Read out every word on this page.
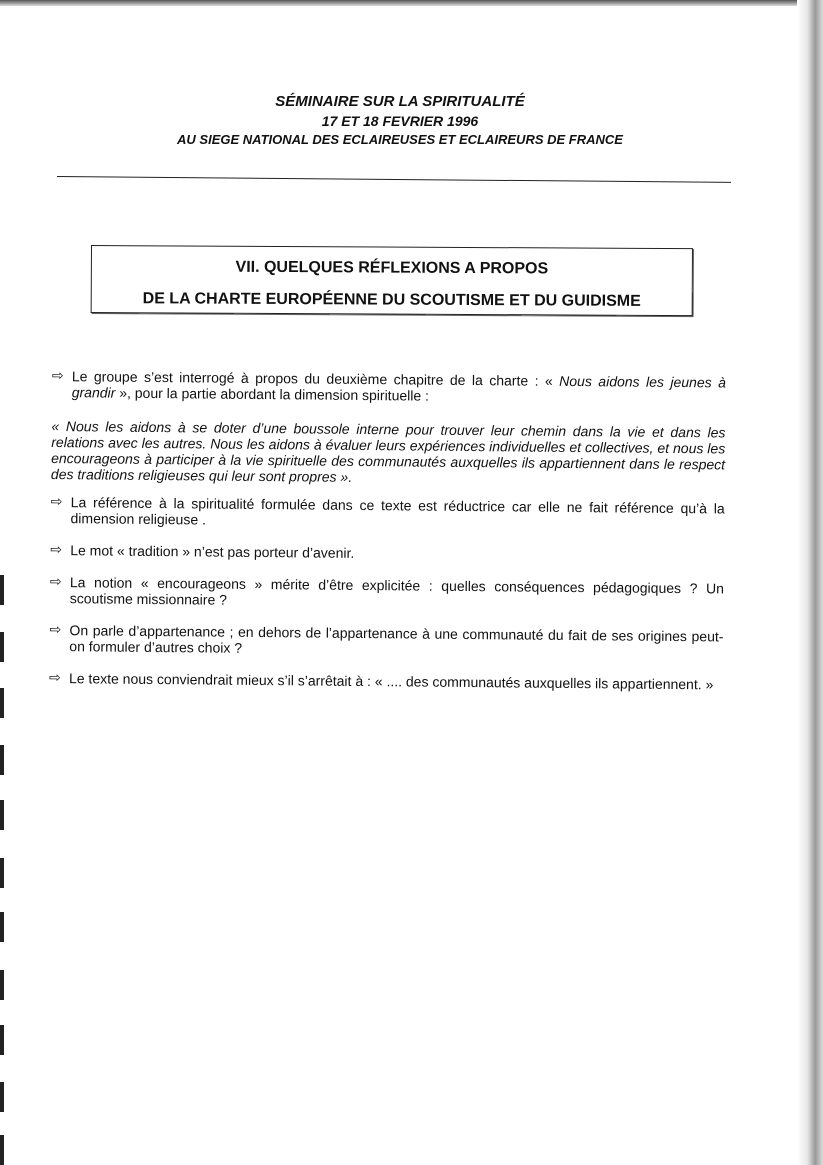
SÉMINAIRE SUR LA SPIRITUALITÉ
17 ET 18 FEVRIER 1996
AU SIEGE NATIONAL DES ECLAIREUSES ET ECLAIREURS DE FRANCE
VII. QUELQUES RÉFLEXIONS A PROPOS
DE LA CHARTE EUROPÉENNE DU SCOUTISME ET DU GUIDISME
⇨ Le groupe s’est interrogé à propos du deuxième chapitre de la charte : « Nous aidons les jeunes à grandir », pour la partie abordant la dimension spirituelle :
« Nous les aidons à se doter d’une boussole interne pour trouver leur chemin dans la vie et dans les relations avec les autres. Nous les aidons à évaluer leurs expériences individuelles et collectives, et nous les encourageons à participer à la vie spirituelle des communautés auxquelles ils appartiennent dans le respect des traditions religieuses qui leur sont propres ».
⇨ La référence à la spiritualité formulée dans ce texte est réductrice car elle ne fait référence qu’à la dimension religieuse .
⇨ Le mot « tradition » n’est pas porteur d’avenir.
⇨ La notion « encourageons » mérite d’être explicitée : quelles conséquences pédagogiques ? Un scoutisme missionnaire ?
⇨ On parle d’appartenance ; en dehors de l’appartenance à une communauté du fait de ses origines peut-on formuler d’autres choix ?
⇨ Le texte nous conviendrait mieux s’il s’arrêtait à : « .... des communautés auxquelles ils appartiennent. »
